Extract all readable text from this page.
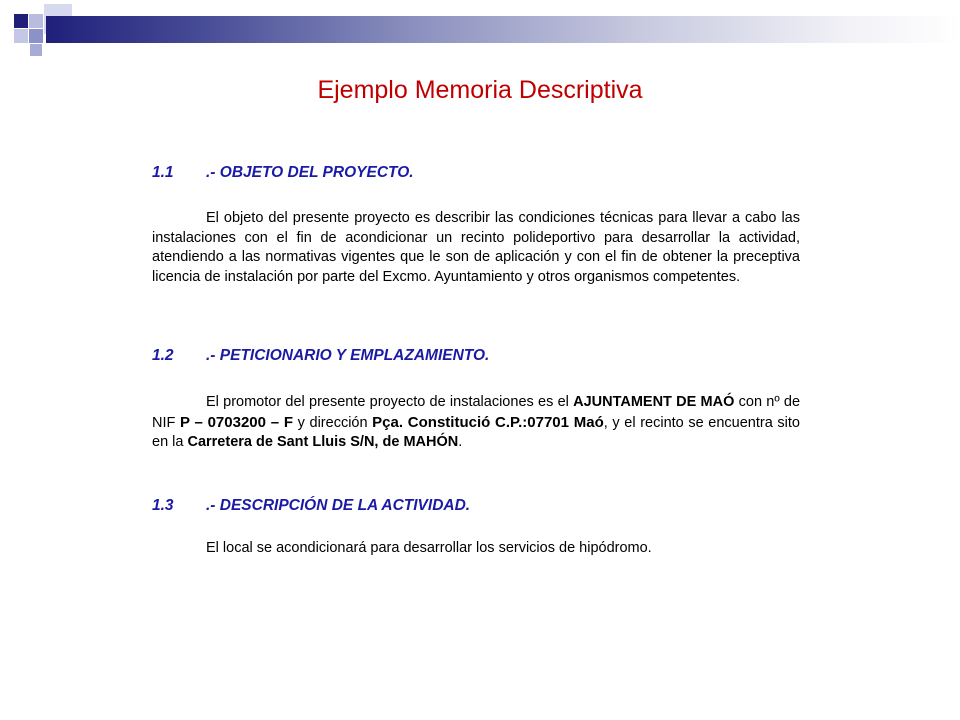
Ejemplo Memoria Descriptiva
1.1 .- OBJETO DEL PROYECTO.
El objeto del presente proyecto es describir las condiciones técnicas para llevar a cabo las instalaciones con el fin de acondicionar un recinto polideportivo para desarrollar la actividad, atendiendo a las normativas vigentes que le son de aplicación y con el fin de obtener la preceptiva licencia de instalación por parte del Excmo. Ayuntamiento y otros organismos competentes.
1.2 .- PETICIONARIO Y EMPLAZAMIENTO.
El promotor del presente proyecto de instalaciones es el AJUNTAMENT DE MAÓ con nº de NIF P – 0703200 – F y dirección Pça. Constitució C.P.:07701 Maó, y el recinto se encuentra sito en la Carretera de Sant Lluis S/N, de MAHÓN.
1.3 .- DESCRIPCIÓN DE LA ACTIVIDAD.
El local se acondicionará para desarrollar los servicios de hipódromo.
